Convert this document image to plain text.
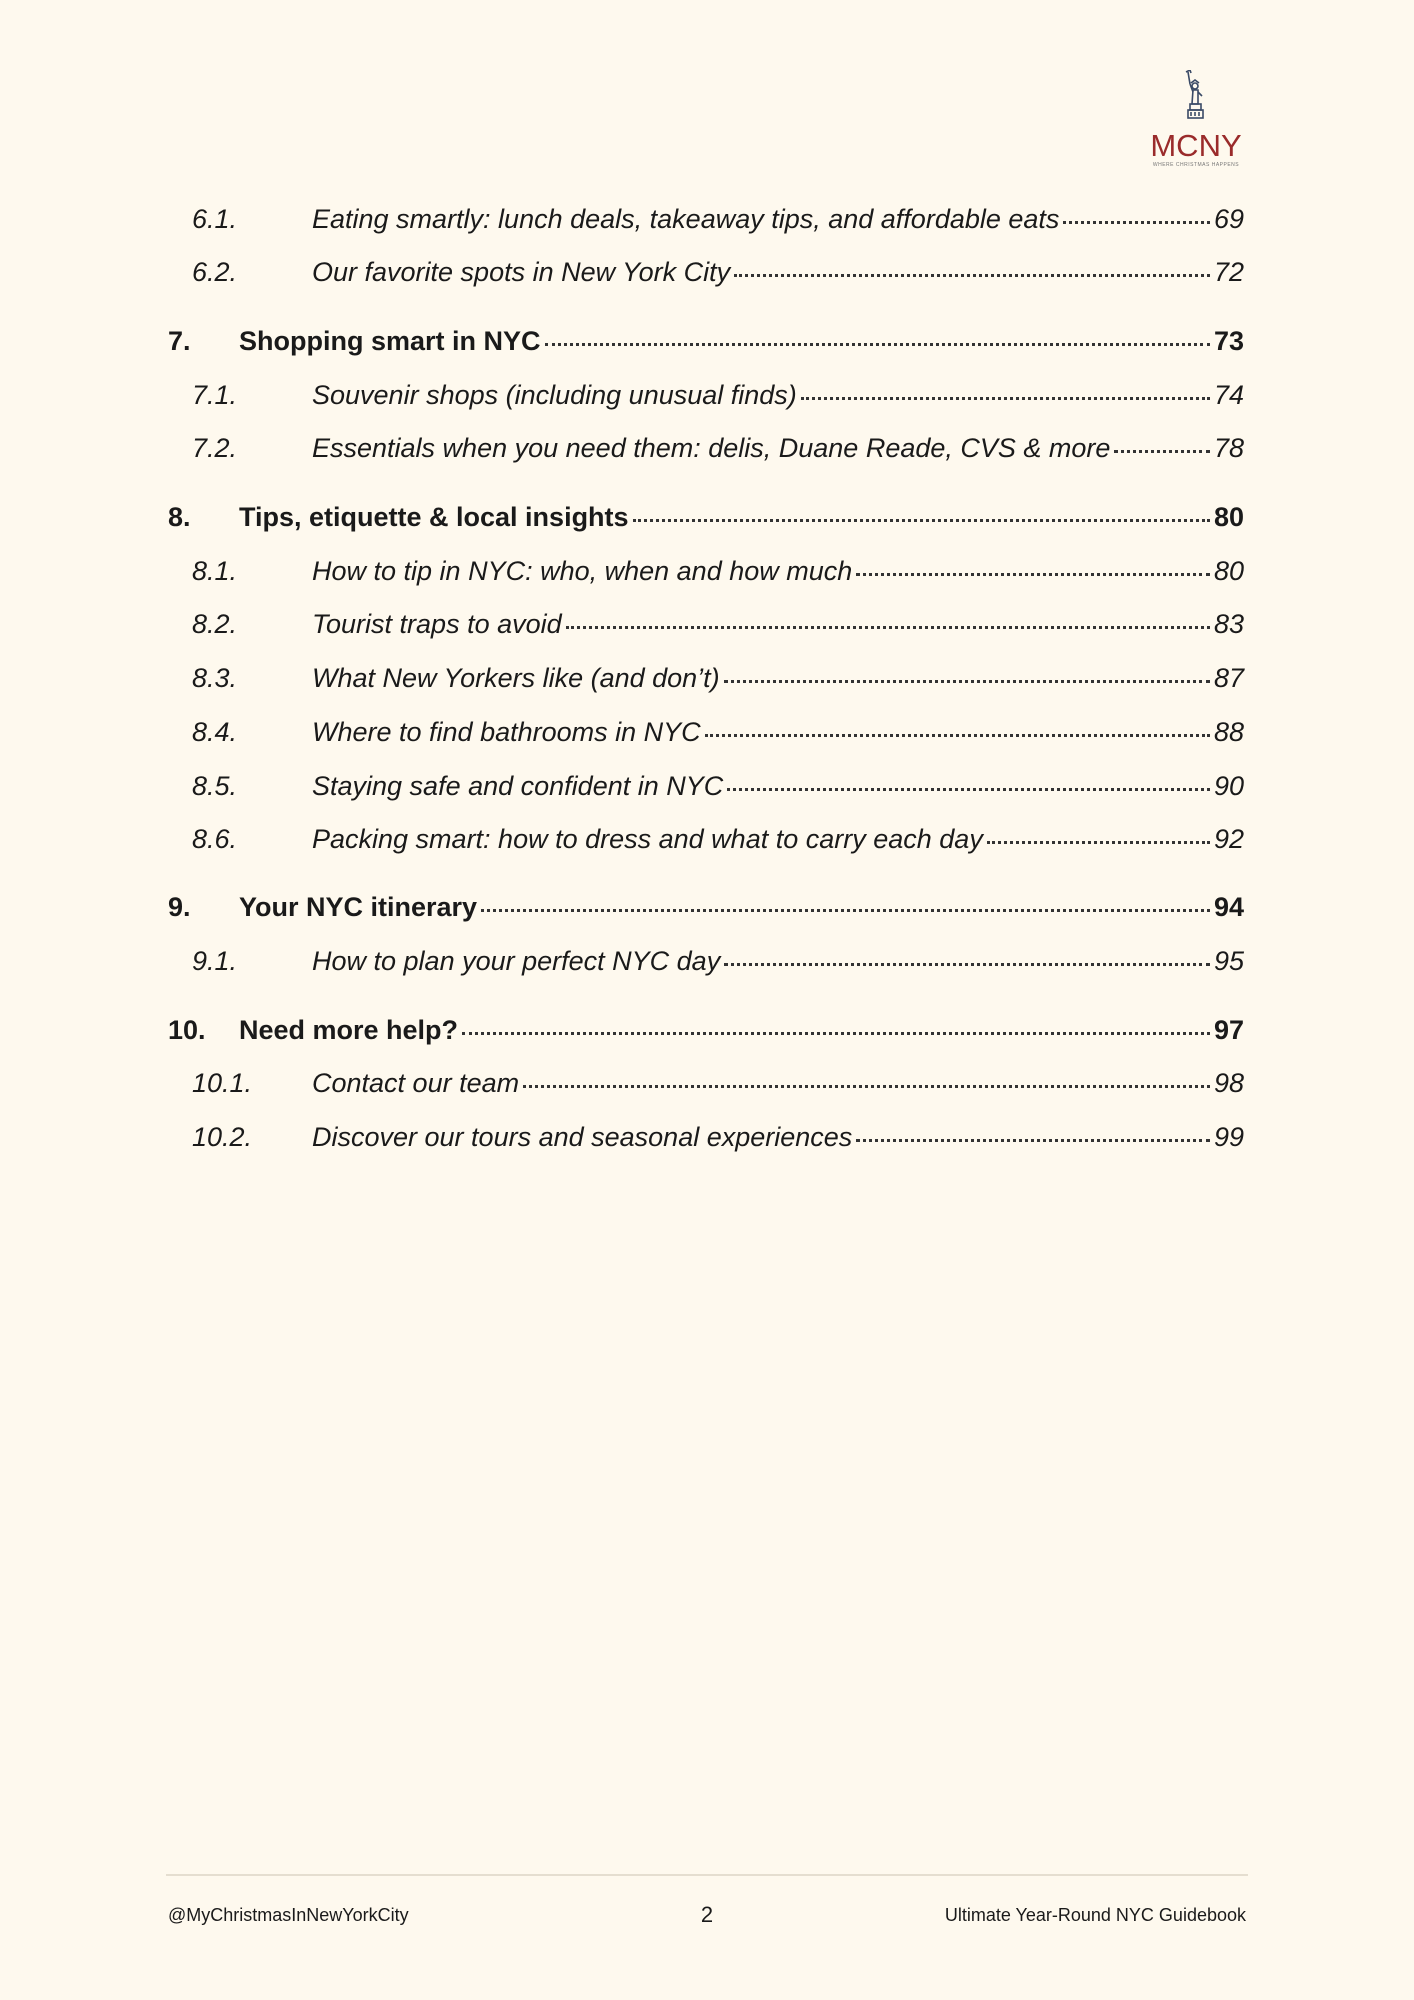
MCNY
WHERE CHRISTMAS HAPPENS
6.1.	Eating smartly: lunch deals, takeaway tips, and affordable eats	69
6.2.	Our favorite spots in New York City	72
7.	Shopping smart in NYC	73
7.1.	Souvenir shops (including unusual finds)	74
7.2.	Essentials when you need them: delis, Duane Reade, CVS & more	78
8.	Tips, etiquette & local insights	80
8.1.	How to tip in NYC: who, when and how much	80
8.2.	Tourist traps to avoid	83
8.3.	What New Yorkers like (and don’t)	87
8.4.	Where to find bathrooms in NYC	88
8.5.	Staying safe and confident in NYC	90
8.6.	Packing smart: how to dress and what to carry each day	92
9.	Your NYC itinerary	94
9.1.	How to plan your perfect NYC day	95
10.	Need more help?	97
10.1.	Contact our team	98
10.2.	Discover our tours and seasonal experiences	99
@MyChristmasInNewYorkCity	2	Ultimate Year-Round NYC Guidebook
